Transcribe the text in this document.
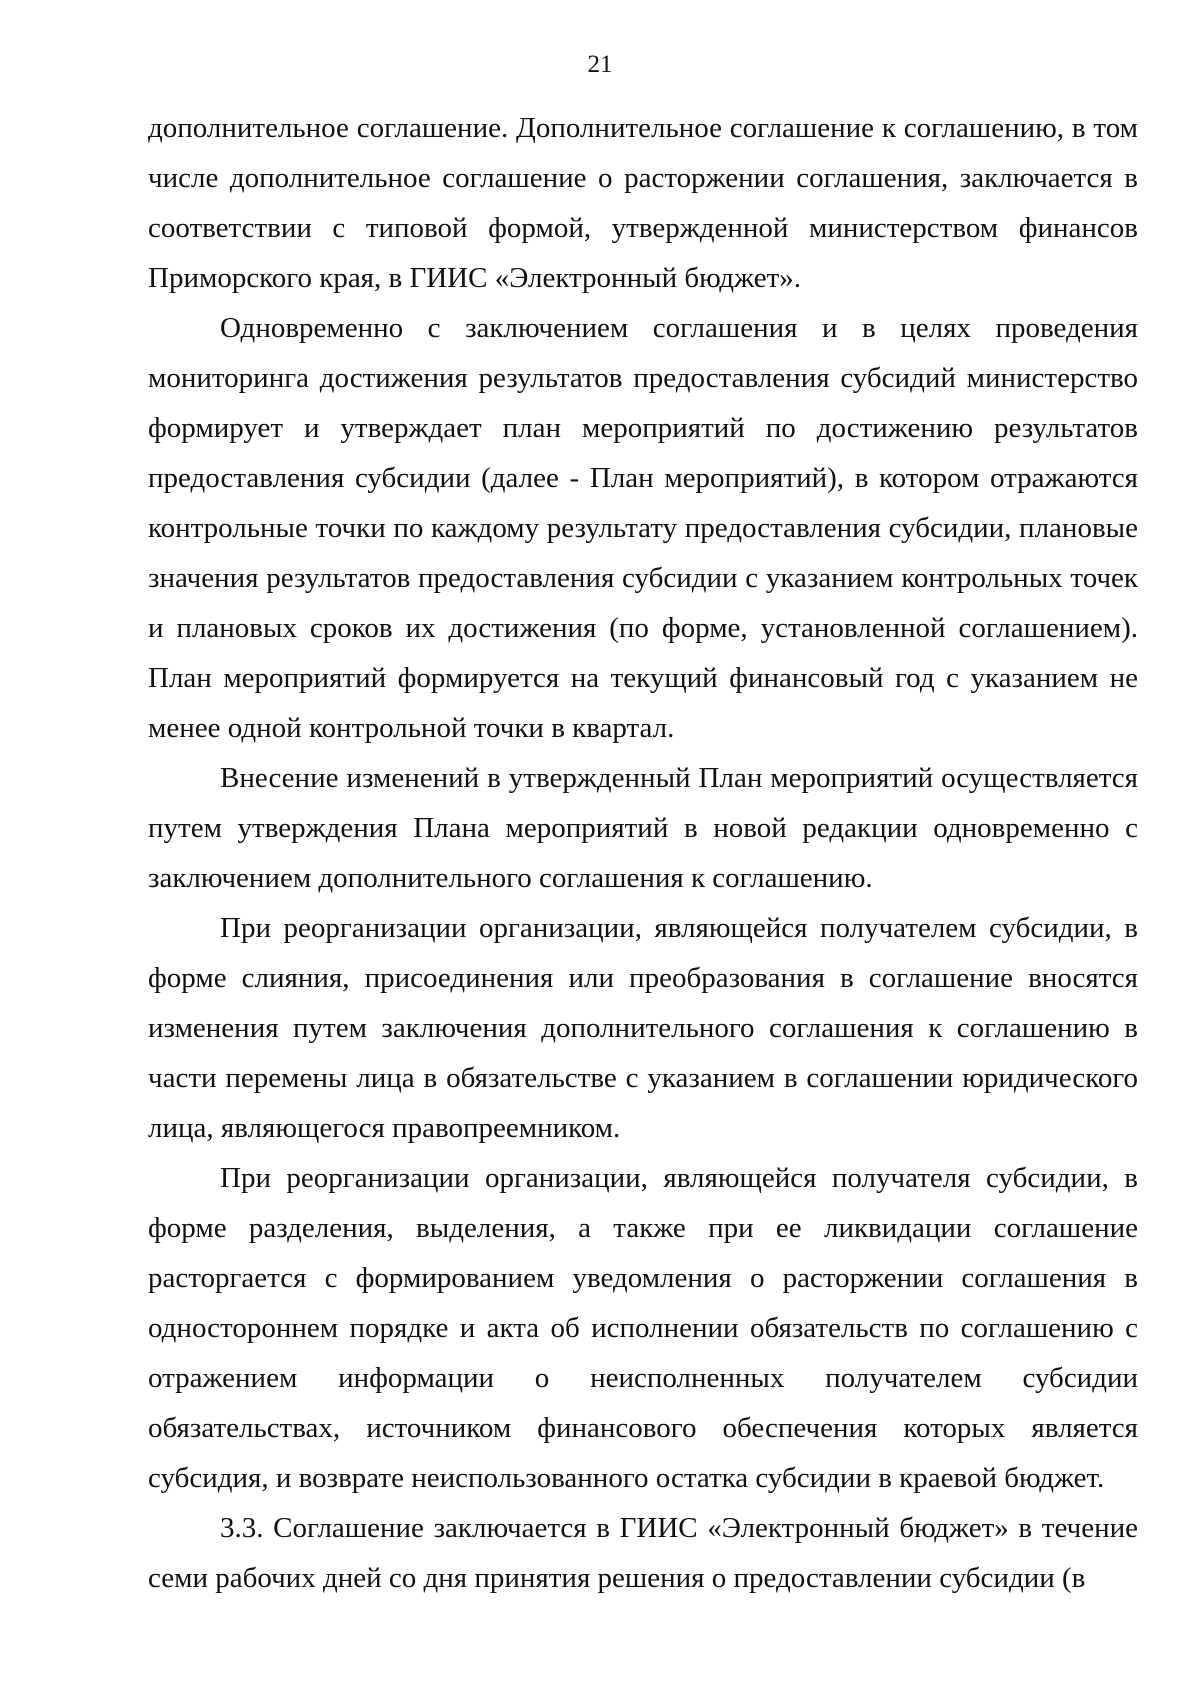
21

дополнительное соглашение. Дополнительное соглашение к соглашению, в том числе дополнительное соглашение о расторжении соглашения, заключается в соответствии с типовой формой, утвержденной министерством финансов Приморского края, в ГИИС «Электронный бюджет».

Одновременно с заключением соглашения и в целях проведения мониторинга достижения результатов предоставления субсидий министерство формирует и утверждает план мероприятий по достижению результатов предоставления субсидии (далее - План мероприятий), в котором отражаются контрольные точки по каждому результату предоставления субсидии, плановые значения результатов предоставления субсидии с указанием контрольных точек и плановых сроков их достижения (по форме, установленной соглашением). План мероприятий формируется на текущий финансовый год с указанием не менее одной контрольной точки в квартал.

Внесение изменений в утвержденный План мероприятий осуществляется путем утверждения Плана мероприятий в новой редакции одновременно с заключением дополнительного соглашения к соглашению.

При реорганизации организации, являющейся получателем субсидии, в форме слияния, присоединения или преобразования в соглашение вносятся изменения путем заключения дополнительного соглашения к соглашению в части перемены лица в обязательстве с указанием в соглашении юридического лица, являющегося правопреемником.

При реорганизации организации, являющейся получателя субсидии, в форме разделения, выделения, а также при ее ликвидации соглашение расторгается с формированием уведомления о расторжении соглашения в одностороннем порядке и акта об исполнении обязательств по соглашению с отражением информации о неисполненных получателем субсидии обязательствах, источником финансового обеспечения которых является субсидия, и возврате неиспользованного остатка субсидии в краевой бюджет.

3.3. Соглашение заключается в ГИИС «Электронный бюджет» в течение семи рабочих дней со дня принятия решения о предоставлении субсидии (в
